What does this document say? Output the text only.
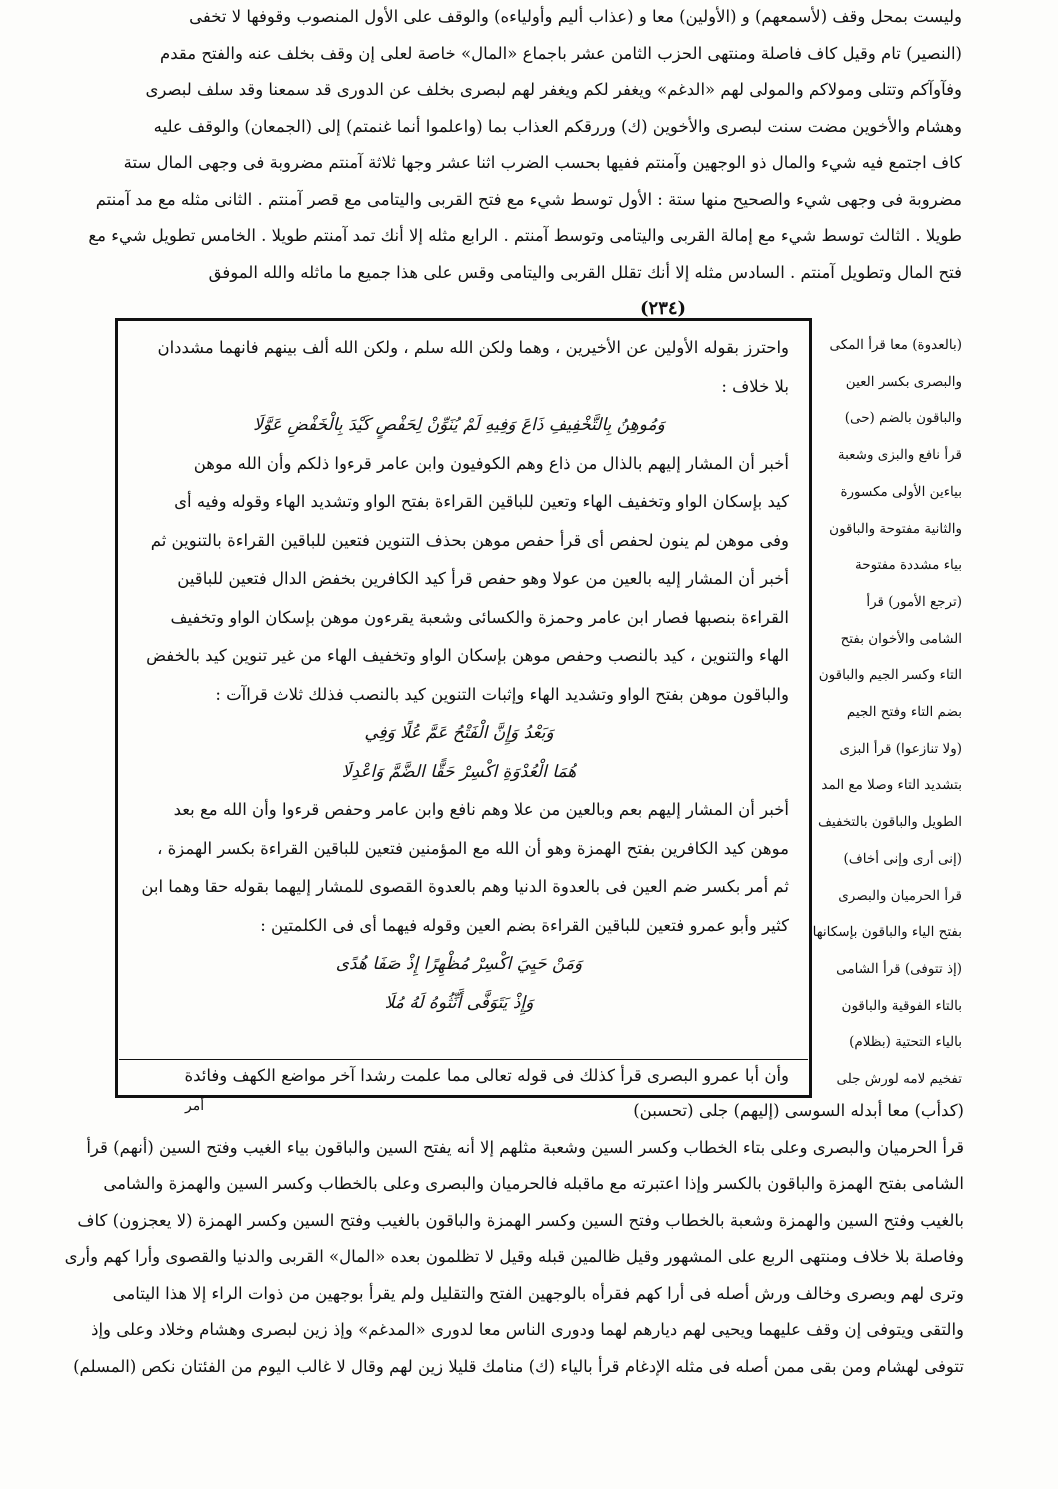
وليست بمحل وقف (لأسمعهم) و (الأولين) معا و (عذاب أليم وأولياءه) والوقف على الأول المنصوب وقوفها لا تخفى
(النصير) تام وقيل كاف فاصلة ومنتهى الحزب الثامن عشر باجماع «المال» خاصة لعلى إن وقف بخلف عنه والفتح مقدم
وفآوآكم وتتلى ومولاكم والمولى لهم «الدغم» ويغفر لكم ويغفر لهم لبصرى بخلف عن الدورى قد سمعنا وقد سلف لبصرى
وهشام والأخوين مضت سنت لبصرى والأخوين (ك) وررقكم العذاب بما (واعلموا أنما غنمتم) إلى (الجمعان) والوقف عليه
كاف اجتمع فيه شيء والمال ذو الوجهين وآمنتم ففيها بحسب الضرب اثنا عشر وجها ثلاثة آمنتم مضروبة فى وجهى المال ستة
مضروبة فى وجهى شيء والصحيح منها ستة : الأول توسط شيء مع فتح القربى واليتامى مع قصر آمنتم . الثانى مثله مع مد آمنتم
طويلا . الثالث توسط شيء مع إمالة القربى واليتامى وتوسط آمنتم . الرابع مثله إلا أنك تمد آمنتم طويلا . الخامس تطويل شيء مع
فتح المال وتطويل آمنتم . السادس مثله إلا أنك تقلل القربى واليتامى وقس على هذا جميع ما ماثله والله الموفق
(٢٣٤)
واحترز بقوله الأولين عن الأخيرين ، وهما ولكن الله سلم ، ولكن الله ألف بينهم فانهما مشددان
بلا خلاف :
وَمُوهِنُ بِالتَّخْفِيفِ ذَاعَ وَفِيهِ لَمْ يُنَوِّنْ لِحَفْصٍ كَيْدَ بِالْخَفْضِ عَوَّلَا
أخبر أن المشار إليهم بالذال من ذاع وهم الكوفيون وابن عامر قرءوا ذلكم وأن الله موهن
كيد بإسكان الواو وتخفيف الهاء وتعين للباقين القراءة بفتح الواو وتشديد الهاء وقوله وفيه أى
وفى موهن لم ينون لحفص أى قرأ حفص موهن بحذف التنوين فتعين للباقين القراءة بالتنوين ثم
أخبر أن المشار إليه بالعين من عولا وهو حفص قرأ كيد الكافرين بخفض الدال فتعين للباقين
القراءة بنصبها فصار ابن عامر وحمزة والكسائى وشعبة يقرءون موهن بإسكان الواو وتخفيف
الهاء والتنوين ، كيد بالنصب وحفص موهن بإسكان الواو وتخفيف الهاء من غير تنوين كيد بالخفض
والباقون موهن بفتح الواو وتشديد الهاء وإثبات التنوين كيد بالنصب فذلك ثلاث قراآت :
وَبَعْدُ وَإِنَّ الْفَتْحُ عَمَّ عُلًا وَفِي
هُمَا الْعُدْوَةِ اكْسِرْ حَقًّا الضَّمَّ وَاعْدِلَا
أخبر أن المشار إليهم بعم وبالعين من علا وهم نافع وابن عامر وحفص قرءوا وأن الله مع بعد
موهن كيد الكافرين بفتح الهمزة وهو أن الله مع المؤمنين فتعين للباقين القراءة بكسر الهمزة ،
ثم أمر بكسر ضم العين فى بالعدوة الدنيا وهم بالعدوة القصوى للمشار إليهما بقوله حقا وهما ابن
كثير وأبو عمرو فتعين للباقين القراءة بضم العين وقوله فيهما أى فى الكلمتين :
وَمَنْ حَيِيَ اكْسِرْ مُظْهِرًا إِذْ صَفَا هُدًى
وَإِذْ يَتَوَفَّى أَنِّثُوهُ لَهُ مُلَا
وأن أبا عمرو البصرى قرأ كذلك فى قوله تعالى مما علمت رشدا آخر مواضع الكهف وفائدة
(بالعدوة) معا قرأ المكى
والبصرى بكسر العين
والباقون بالضم (حى)
قرأ نافع والبزى وشعبة
بياءين الأولى مكسورة
والثانية مفتوحة والباقون
بياء مشددة مفتوحة
(ترجع الأمور) قرأ
الشامى والأخوان بفتح
التاء وكسر الجيم والباقون
بضم التاء وفتح الجيم
(ولا تنازعوا) قرأ البزى
بتشديد التاء وصلا مع المد
الطويل والباقون بالتخفيف
(إنى أرى وإنى أخاف)
قرأ الحرميان والبصرى
بفتح الياء والباقون بإسكانها
(إذ تتوفى) قرأ الشامى
بالتاء الفوقية والباقون
بالياء التحتية (بظلام)
تفخيم لامه لورش جلى
أمر	(كدأب) معا أبدله السوسى (إليهم) جلى (تحسبن)
قرأ الحرميان والبصرى وعلى بتاء الخطاب وكسر السين وشعبة مثلهم إلا أنه يفتح السين والباقون بياء الغيب وفتح السين (أنهم) قرأ
الشامى بفتح الهمزة والباقون بالكسر وإذا اعتبرته مع ماقبله فالحرميان والبصرى وعلى بالخطاب وكسر السين والهمزة والشامى
بالغيب وفتح السين والهمزة وشعبة بالخطاب وفتح السين وكسر الهمزة والباقون بالغيب وفتح السين وكسر الهمزة (لا يعجزون) كاف
وفاصلة بلا خلاف ومنتهى الربع على المشهور وقيل ظالمين قبله وقيل لا تظلمون بعده «المال» القربى والدنيا والقصوى وأرا كهم وأرى
وترى لهم وبصرى وخالف ورش أصله فى أرا كهم فقرأه بالوجهين الفتح والتقليل ولم يقرأ بوجهين من ذوات الراء إلا هذا اليتامى
والتقى ويتوفى إن وقف عليهما ويحيى لهم ديارهم لهما ودورى الناس معا لدورى «المدغم» وإذ زين لبصرى وهشام وخلاد وعلى وإذ
تتوفى لهشام ومن بقى ممن أصله فى مثله الإدغام قرأ بالياء (ك) منامك قليلا زين لهم وقال لا غالب اليوم من الفئتان نكص (المسلم)
